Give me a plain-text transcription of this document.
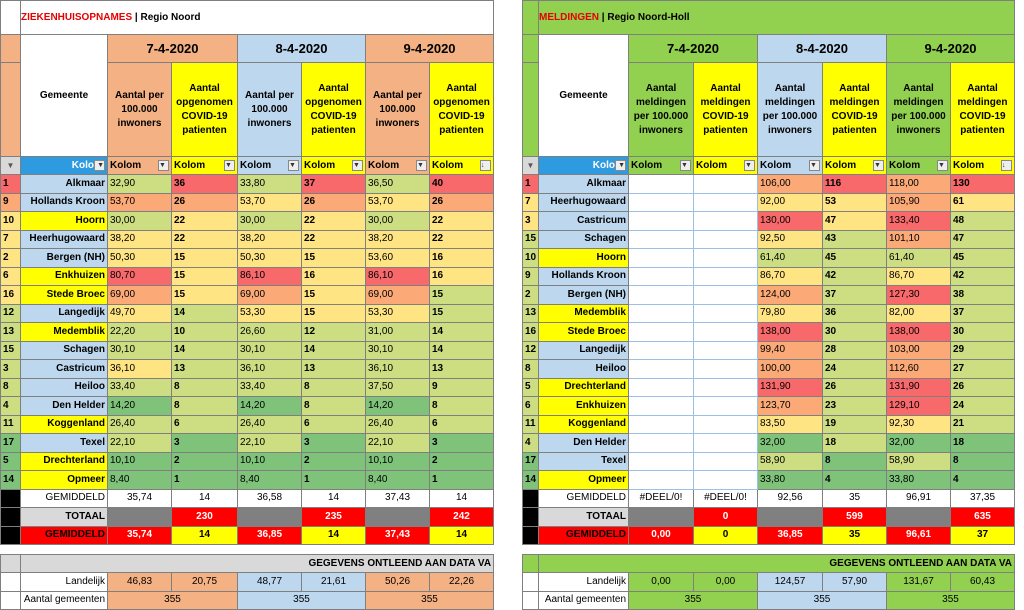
	ZIEKENHUISOPNAMES | Regio Noord						
	Gemeente	7-4-2020		8-4-2020		9-4-2020	
		Aantal per 100.000 inwoners	Aantal opgenomen COVID-19 patienten	Aantal per 100.000 inwoners	Aantal opgenomen COVID-19 patienten	Aantal per 100.000 inwoners	Aantal opgenomen COVID-19 patienten
▼	Kolo ▼	Kolom ▼	Kolom ▼	Kolom ▼	Kolom ▼	Kolom ▼	Kolom ↓

1	Alkmaar	32,90	36	33,80	37	36,50	40
9	Hollands Kroon	53,70	26	53,70	26	53,70	26
10	Hoorn	30,00	22	30,00	22	30,00	22
7	Heerhugowaard	38,20	22	38,20	22	38,20	22
2	Bergen (NH)	50,30	15	50,30	15	53,60	16
6	Enkhuizen	80,70	15	86,10	16	86,10	16
16	Stede Broec	69,00	15	69,00	15	69,00	15
12	Langedijk	49,70	14	53,30	15	53,30	15
13	Medemblik	22,20	10	26,60	12	31,00	14
15	Schagen	30,10	14	30,10	14	30,10	14
3	Castricum	36,10	13	36,10	13	36,10	13
8	Heiloo	33,40	8	33,40	8	37,50	9
4	Den Helder	14,20	8	14,20	8	14,20	8
11	Koggenland	26,40	6	26,40	6	26,40	6
17	Texel	22,10	3	22,10	3	22,10	3
5	Drechterland	10,10	2	10,10	2	10,10	2
14	Opmeer	8,40	1	8,40	1	8,40	1
	GEMIDDELD	35,74	14	36,58	14	37,43	14
	TOTAAL		230		235		242
	GEMIDDELD	35,74	14	36,85	14	37,43	14

	GEGEVENS ONTLEEND AAN DATA VA						
	Landelijk	46,83	20,75	48,77	21,61	50,26	22,26
	Aantal gemeenten	355		355		355	
	MELDINGEN | Regio Noord-Holl						
	Gemeente	7-4-2020		8-4-2020		9-4-2020	
		Aantal meldingen per 100.000 inwoners	Aantal meldingen COVID-19 patienten	Aantal meldingen per 100.000 inwoners	Aantal meldingen COVID-19 patienten	Aantal meldingen per 100.000 inwoners	Aantal meldingen COVID-19 patienten
▼	Kolo ▼	Kolom ▼	Kolom ▼	Kolom ▼	Kolom ▼	Kolom ▼	Kolom ↓

1	Alkmaar			106,00	116	118,00	130
7	Heerhugowaard			92,00	53	105,90	61
3	Castricum			130,00	47	133,40	48
15	Schagen			92,50	43	101,10	47
10	Hoorn			61,40	45	61,40	45
9	Hollands Kroon			86,70	42	86,70	42
2	Bergen (NH)			124,00	37	127,30	38
13	Medemblik			79,80	36	82,00	37
16	Stede Broec			138,00	30	138,00	30
12	Langedijk			99,40	28	103,00	29
8	Heiloo			100,00	24	112,60	27
5	Drechterland			131,90	26	131,90	26
6	Enkhuizen			123,70	23	129,10	24
11	Koggenland			83,50	19	92,30	21
4	Den Helder			32,00	18	32,00	18
17	Texel			58,90	8	58,90	8
14	Opmeer			33,80	4	33,80	4
	GEMIDDELD	#DEEL/0!	#DEEL/0!	92,56	35	96,91	37,35
	TOTAAL		0		599		635
	GEMIDDELD	0,00	0	36,85	35	96,61	37

	GEGEVENS ONTLEEND AAN DATA VA						
	Landelijk	0,00	0,00	124,57	57,90	131,67	60,43
	Aantal gemeenten	355		355		355	
